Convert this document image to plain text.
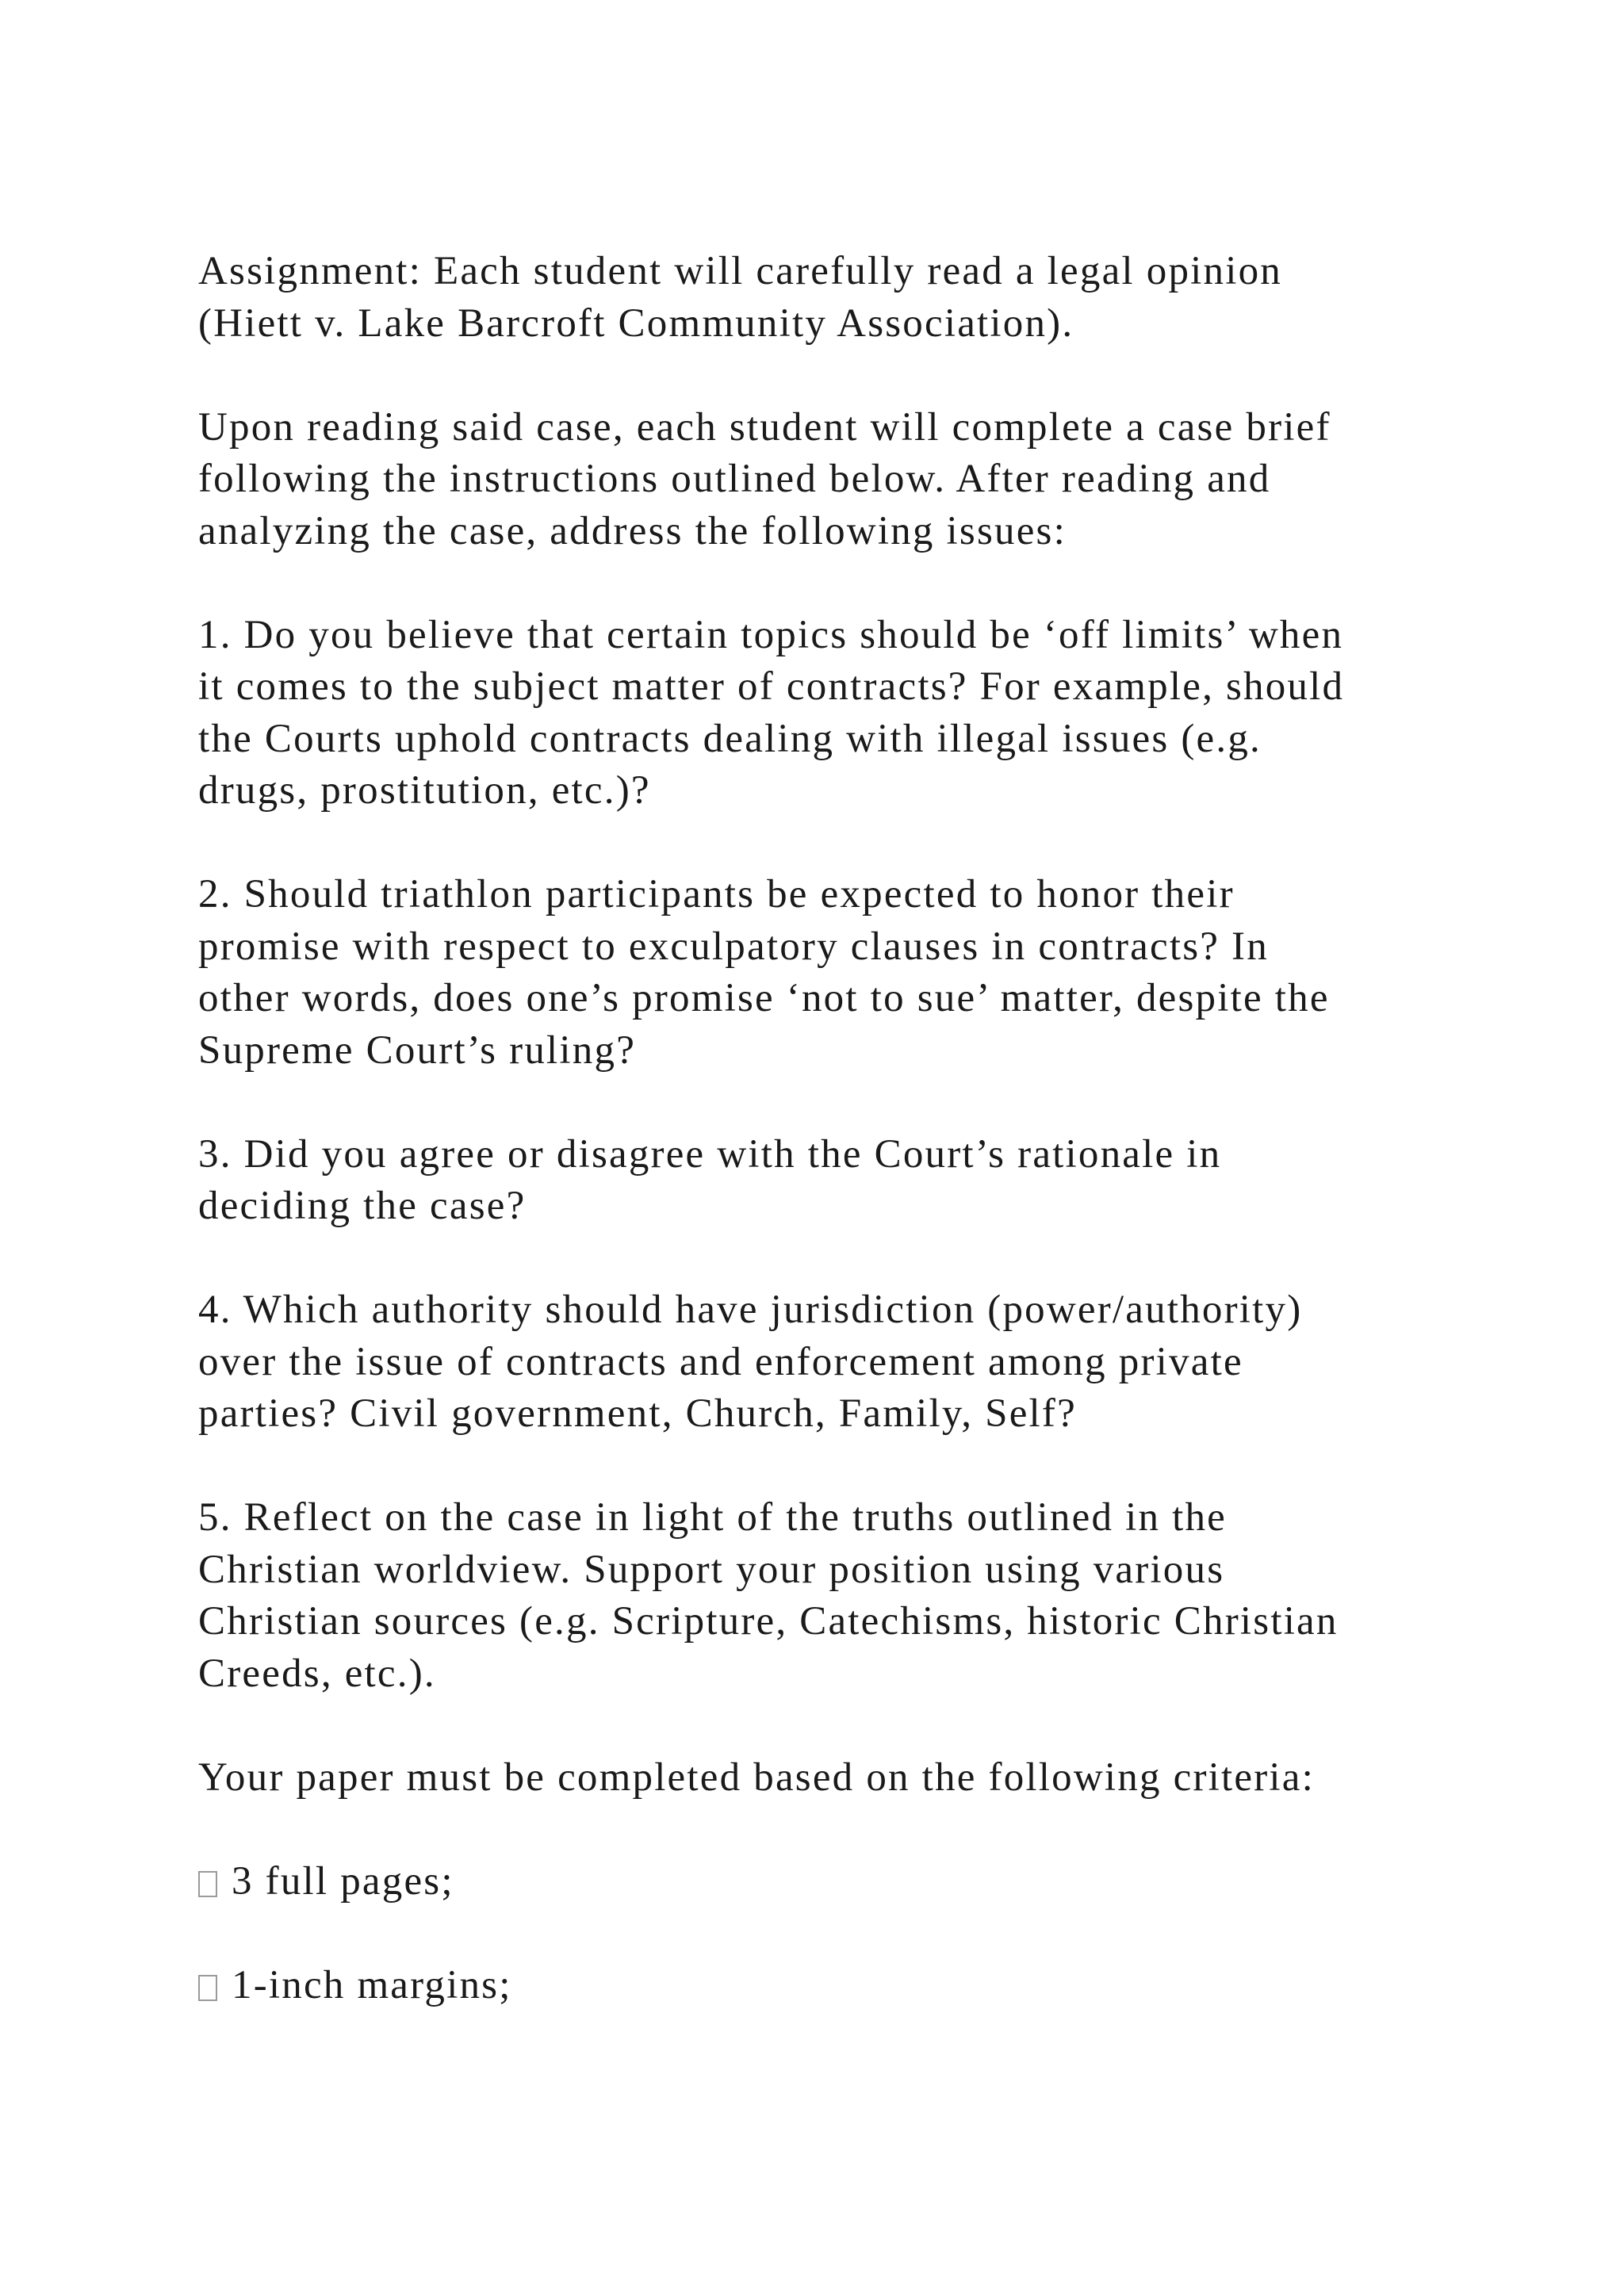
Assignment: Each student will carefully read a legal opinion
(Hiett v. Lake Barcroft Community Association).

Upon reading said case, each student will complete a case brief
following the instructions outlined below. After reading and
analyzing the case, address the following issues:

1. Do you believe that certain topics should be ‘off limits’ when
it comes to the subject matter of contracts? For example, should
the Courts uphold contracts dealing with illegal issues (e.g.
drugs, prostitution, etc.)?

2. Should triathlon participants be expected to honor their
promise with respect to exculpatory clauses in contracts? In
other words, does one’s promise ‘not to sue’ matter, despite the
Supreme Court’s ruling?

3. Did you agree or disagree with the Court’s rationale in
deciding the case?

4. Which authority should have jurisdiction (power/authority)
over the issue of contracts and enforcement among private
parties? Civil government, Church, Family, Self?

5. Reflect on the case in light of the truths outlined in the
Christian worldview. Support your position using various
Christian sources (e.g. Scripture, Catechisms, historic Christian
Creeds, etc.).

Your paper must be completed based on the following criteria:

3 full pages;

1-inch margins;
